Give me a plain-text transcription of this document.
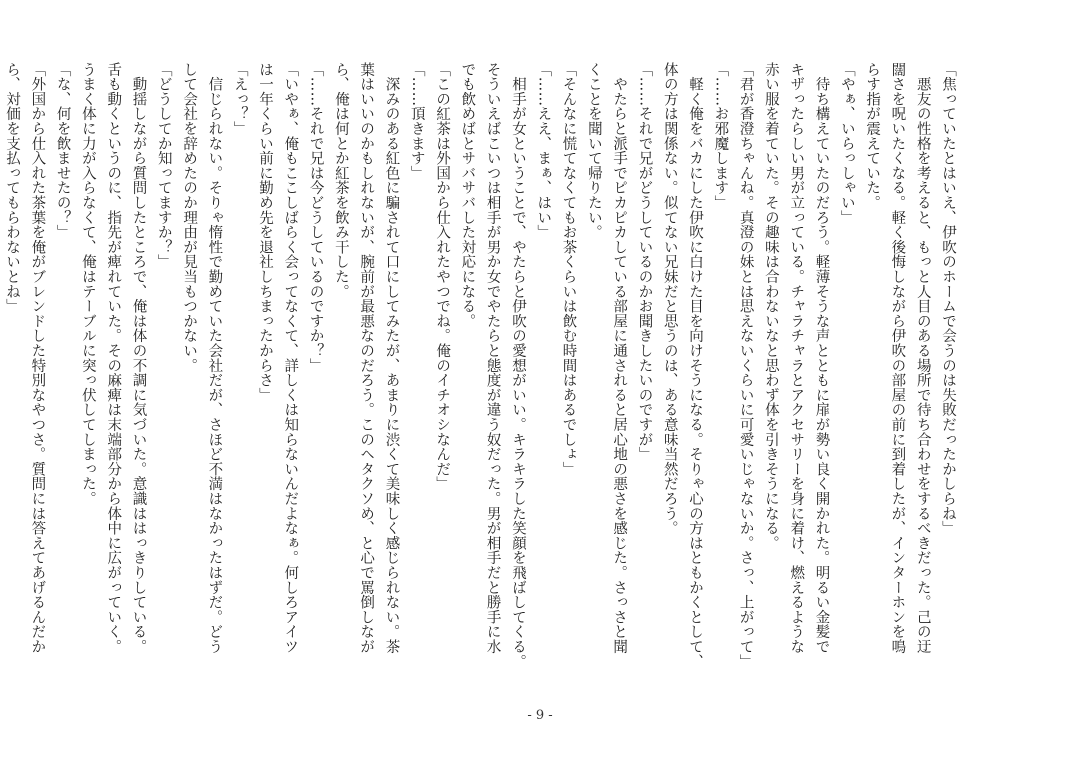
「焦っていたとはいえ、伊吹のホームで会うのは失敗だったかしらね」

　悪友の性格を考えると、もっと人目のある場所で待ち合わせをするべきだった。己の迂

闊さを呪いたくなる。軽く後悔しながら伊吹の部屋の前に到着したが、インターホンを鳴

らす指が震えていた。

「やぁ、いらっしゃい」

　待ち構えていたのだろう。軽薄そうな声とともに扉が勢い良く開かれた。明るい金髪で

キザったらしい男が立っている。チャラチャラとアクセサリーを身に着け、燃えるような

赤い服を着ていた。その趣味は合わないなと思わず体を引きそうになる。

「君が香澄ちゃんね。真澄の妹とは思えないくらいに可愛いじゃないか。さっ、上がって」

「……お邪魔します」

　軽く俺をバカにした伊吹に白けた目を向けそうになる。そりゃ心の方はともかくとして、

体の方は関係ない。似てない兄妹だと思うのは、ある意味当然だろう。

「……それで兄がどうしているのかお聞きしたいのですが」

　やたらと派手でピカピカしている部屋に通されると居心地の悪さを感じた。さっさと聞

くことを聞いて帰りたい。

「そんなに慌てなくてもお茶くらいは飲む時間はあるでしょ」

「……ええ、まぁ、はい」

　相手が女ということで、やたらと伊吹の愛想がいい。キラキラした笑顔を飛ばしてくる。

そういえばこいつは相手が男か女でやたらと態度が違う奴だった。男が相手だと勝手に水

でも飲めばとサバサバした対応になる。

「この紅茶は外国から仕入れたやつでね。俺のイチオシなんだ」

「……頂きます」

　深みのある紅色に騙されて口にしてみたが、あまりに渋くて美味しく感じられない。茶

葉はいいのかもしれないが、腕前が最悪なのだろう。このヘタクソめ、と心で罵倒しなが

ら、俺は何とか紅茶を飲み干した。

「……それで兄は今どうしているのですか？」

「いやぁ、俺もここしばらく会ってなくて、詳しくは知らないんだよなぁ。何しろアイツ

は一年くらい前に勤め先を退社しちまったからさ」

「えっ？」

　信じられない。そりゃ惰性で勤めていた会社だが、さほど不満はなかったはずだ。どう

して会社を辞めたのか理由が見当もつかない。

「どうしてか知ってますか？」

　動揺しながら質問したところで、俺は体の不調に気づいた。意識ははっきりしている。

舌も動くというのに、指先が痺れていた。その麻痺は末端部分から体中に広がっていく。

うまく体に力が入らなくて、俺はテーブルに突っ伏してしまった。

「な、何を飲ませたの？」

「外国から仕入れた茶葉を俺がブレンドした特別なやつさ。質問には答えてあげるんだか

ら、対価を支払ってもらわないとね」

- 9 -
